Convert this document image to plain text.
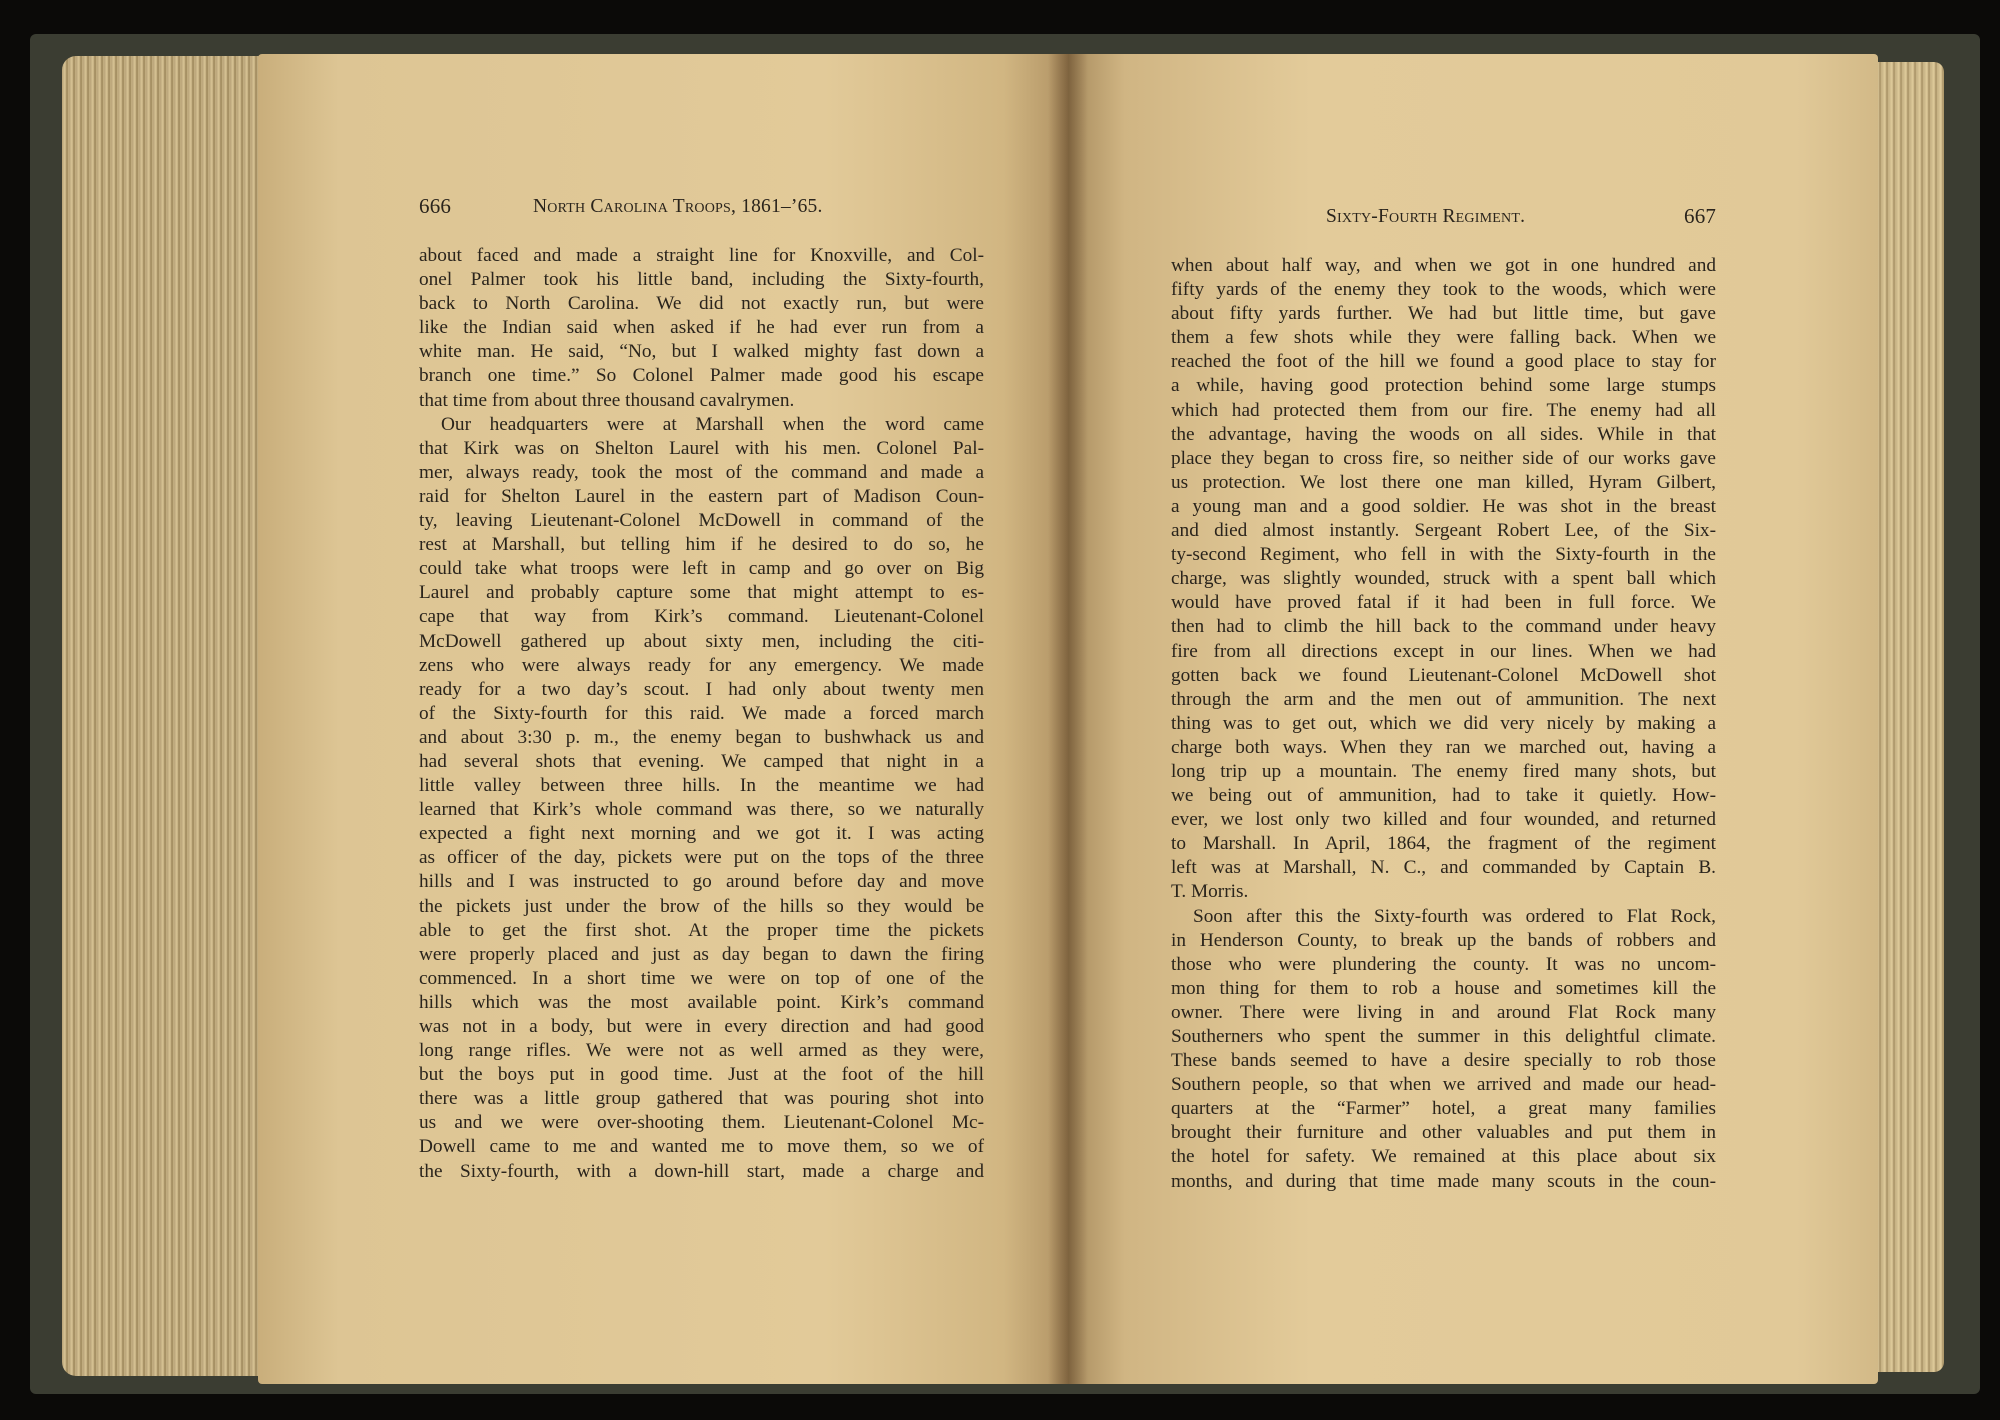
666	North Carolina Troops, 1861–’65.
about faced and made a straight line for Knoxville, and Col-
onel Palmer took his little band, including the Sixty-fourth,
back to North Carolina. We did not exactly run, but were
like the Indian said when asked if he had ever run from a
white man. He said, “No, but I walked mighty fast down a
branch one time.” So Colonel Palmer made good his escape
that time from about three thousand cavalrymen.
Our headquarters were at Marshall when the word came
that Kirk was on Shelton Laurel with his men. Colonel Pal-
mer, always ready, took the most of the command and made a
raid for Shelton Laurel in the eastern part of Madison Coun-
ty, leaving Lieutenant-Colonel McDowell in command of the
rest at Marshall, but telling him if he desired to do so, he
could take what troops were left in camp and go over on Big
Laurel and probably capture some that might attempt to es-
cape that way from Kirk’s command. Lieutenant-Colonel
McDowell gathered up about sixty men, including the citi-
zens who were always ready for any emergency. We made
ready for a two day’s scout. I had only about twenty men
of the Sixty-fourth for this raid. We made a forced march
and about 3:30 p. m., the enemy began to bushwhack us and
had several shots that evening. We camped that night in a
little valley between three hills. In the meantime we had
learned that Kirk’s whole command was there, so we naturally
expected a fight next morning and we got it. I was acting
as officer of the day, pickets were put on the tops of the three
hills and I was instructed to go around before day and move
the pickets just under the brow of the hills so they would be
able to get the first shot. At the proper time the pickets
were properly placed and just as day began to dawn the firing
commenced. In a short time we were on top of one of the
hills which was the most available point. Kirk’s command
was not in a body, but were in every direction and had good
long range rifles. We were not as well armed as they were,
but the boys put in good time. Just at the foot of the hill
there was a little group gathered that was pouring shot into
us and we were over-shooting them. Lieutenant-Colonel Mc-
Dowell came to me and wanted me to move them, so we of
the Sixty-fourth, with a down-hill start, made a charge and
Sixty-Fourth Regiment.	667
when about half way, and when we got in one hundred and
fifty yards of the enemy they took to the woods, which were
about fifty yards further. We had but little time, but gave
them a few shots while they were falling back. When we
reached the foot of the hill we found a good place to stay for
a while, having good protection behind some large stumps
which had protected them from our fire. The enemy had all
the advantage, having the woods on all sides. While in that
place they began to cross fire, so neither side of our works gave
us protection. We lost there one man killed, Hyram Gilbert,
a young man and a good soldier. He was shot in the breast
and died almost instantly. Sergeant Robert Lee, of the Six-
ty-second Regiment, who fell in with the Sixty-fourth in the
charge, was slightly wounded, struck with a spent ball which
would have proved fatal if it had been in full force. We
then had to climb the hill back to the command under heavy
fire from all directions except in our lines. When we had
gotten back we found Lieutenant-Colonel McDowell shot
through the arm and the men out of ammunition. The next
thing was to get out, which we did very nicely by making a
charge both ways. When they ran we marched out, having a
long trip up a mountain. The enemy fired many shots, but
we being out of ammunition, had to take it quietly. How-
ever, we lost only two killed and four wounded, and returned
to Marshall. In April, 1864, the fragment of the regiment
left was at Marshall, N. C., and commanded by Captain B.
T. Morris.
Soon after this the Sixty-fourth was ordered to Flat Rock,
in Henderson County, to break up the bands of robbers and
those who were plundering the county. It was no uncom-
mon thing for them to rob a house and sometimes kill the
owner. There were living in and around Flat Rock many
Southerners who spent the summer in this delightful climate.
These bands seemed to have a desire specially to rob those
Southern people, so that when we arrived and made our head-
quarters at the “Farmer” hotel, a great many families
brought their furniture and other valuables and put them in
the hotel for safety. We remained at this place about six
months, and during that time made many scouts in the coun-
